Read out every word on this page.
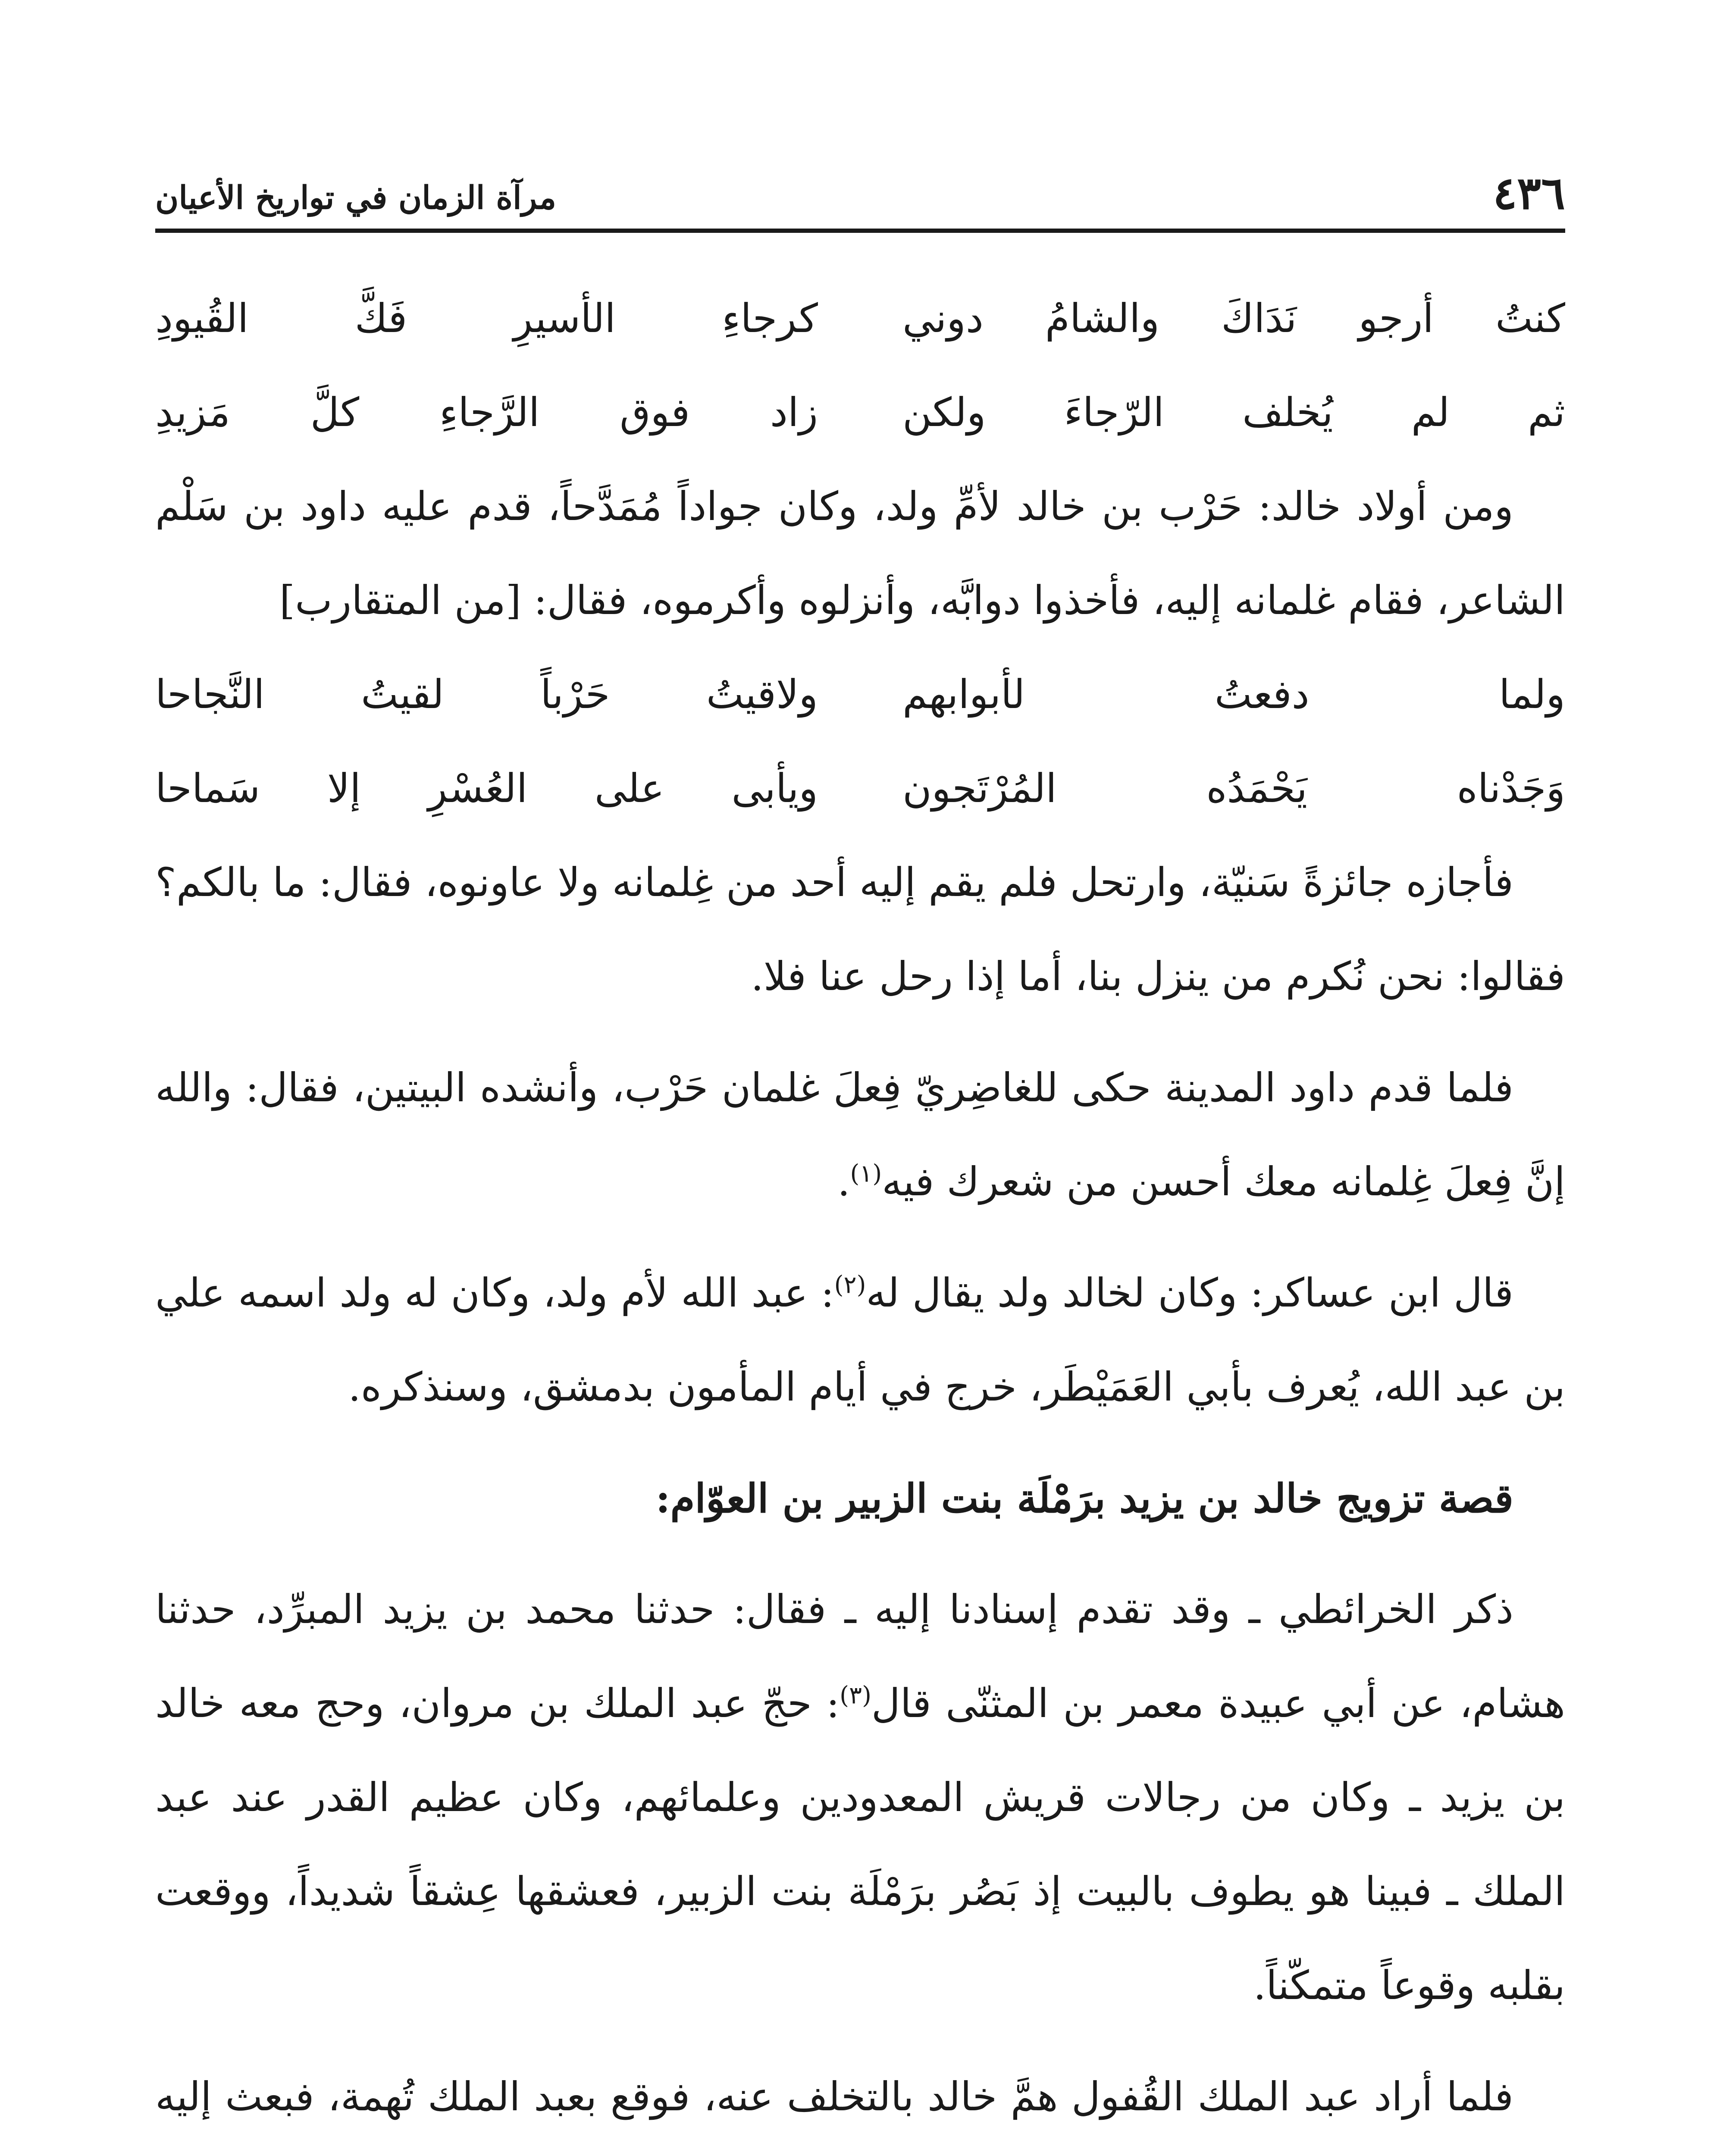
٤٣٦
مرآة الزمان في تواريخ الأعيان
كنتُ أرجو نَدَاكَ والشامُ دوني
كرجاءِ الأسيرِ فَكَّ القُيودِ
ثم لم يُخلف الرّجاءَ ولكن
زاد فوق الرَّجاءِ كلَّ مَزيدِ

ومن أولاد خالد: حَرْب بن خالد لأمِّ ولد، وكان جواداً مُمَدَّحاً، قدم عليه داود بن سَلْم الشاعر، فقام غلمانه إليه، فأخذوا دوابَّه، وأنزلوه وأكرموه، فقال: [من المتقارب]

ولما دفعتُ لأبوابهم
ولاقيتُ حَرْباً لقيتُ النَّجاحا
وَجَدْناه يَحْمَدُه المُرْتَجون
ويأبى على العُسْرِ إلا سَماحا

فأجازه جائزةً سَنيّة، وارتحل فلم يقم إليه أحد من غِلمانه ولا عاونوه، فقال: ما بالكم؟ فقالوا: نحن نُكرم من ينزل بنا، أما إذا رحل عنا فلا.

فلما قدم داود المدينة حكى للغاضِريّ فِعلَ غلمان حَرْب، وأنشده البيتين، فقال: والله إنَّ فِعلَ غِلمانه معك أحسن من شعرك فيه$^{(١)}$.

قال ابن عساكر: وكان لخالد ولد يقال له$^{(٢)}$: عبد الله لأم ولد، وكان له ولد اسمه علي بن عبد الله، يُعرف بأبي العَمَيْطَر، خرج في أيام المأمون بدمشق، وسنذكره.

قصة تزويج خالد بن يزيد برَمْلَة بنت الزبير بن العوّام:

ذكر الخرائطي ـ وقد تقدم إسنادنا إليه ـ فقال: حدثنا محمد بن يزيد المبرِّد، حدثنا هشام، عن أبي عبيدة معمر بن المثنّى قال$^{(٣)}$: حجّ عبد الملك بن مروان، وحج معه خالد بن يزيد ـ وكان من رجالات قريش المعدودين وعلمائهم، وكان عظيم القدر عند عبد الملك ـ فبينا هو يطوف بالبيت إذ بَصُر برَمْلَة بنت الزبير، فعشقها عِشقاً شديداً، ووقعت بقلبه وقوعاً متمكّناً.

فلما أراد عبد الملك القُفول همَّ خالد بالتخلف عنه، فوقع بعبد الملك تُهمة، فبعث إليه
